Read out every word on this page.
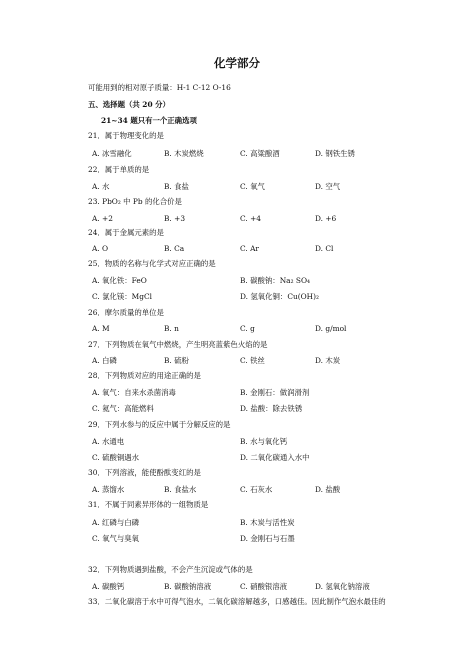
化学部分
可能用到的相对原子质量：H-1 C-12 O-16
五、选择题（共 20 分）
21~34 题只有一个正确选项
21．属于物理变化的是
A. 冰雪融化	B. 木炭燃烧	C. 高粱酿酒	D. 钢铁生锈
22．属于单质的是
A. 水	B. 食盐	C. 氧气	D. 空气
23. PbO₂ 中 Pb 的化合价是
A. +2	B. +3	C. +4	D. +6
24．属于金属元素的是
A. O	B. Ca	C. Ar	D. Cl
25．物质的名称与化学式对应正确的是
A. 氧化铁：FeO	B. 碳酸钠：Na₂ SO₄
C. 氯化镁：MgCl	D. 氢氧化铜：Cu(OH)₂
26．摩尔质量的单位是
A. M	B. n	C. g	D. g/mol
27．下列物质在氧气中燃烧，产生明亮蓝紫色火焰的是
A. 白磷	B. 硫粉	C. 铁丝	D. 木炭
28．下列物质对应的用途正确的是
A. 氧气：自来水杀菌消毒	B. 金刚石：做润滑剂
C. 氦气：高能燃料	D. 盐酸：除去铁锈
29．下列水参与的反应中属于分解反应的是
A. 水通电	B. 水与氧化钙
C. 硫酸铜遇水	D. 二氧化碳通入水中
30．下列溶液，能使酚酞变红的是
A. 蒸馏水	B. 食盐水	C. 石灰水	D. 盐酸
31．不属于同素异形体的一组物质是
A. 红磷与白磷	B. 木炭与活性炭
C. 氧气与臭氧	D. 金刚石与石墨
32．下列物质遇到盐酸，不会产生沉淀或气体的是
A. 碳酸钙	B. 碳酸钠溶液	C. 硝酸银溶液	D. 氢氧化钠溶液
33．二氧化碳溶于水中可得气泡水，二氧化碳溶解越多，口感越佳。因此制作气泡水最佳的
